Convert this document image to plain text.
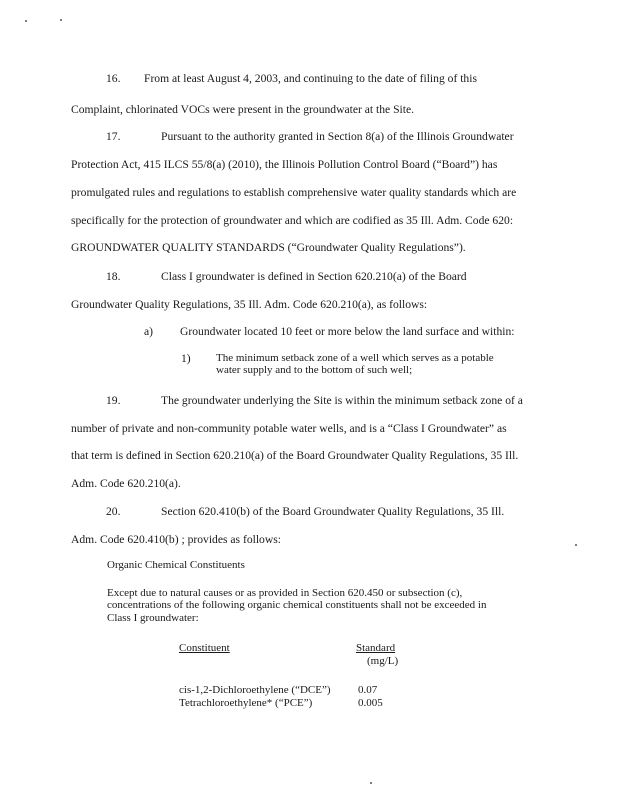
16. From at least August 4, 2003, and continuing to the date of filing of this
Complaint, chlorinated VOCs were present in the groundwater at the Site.
17.	Pursuant to the authority granted in Section 8(a) of the Illinois Groundwater
Protection Act, 415 ILCS 55/8(a) (2010), the Illinois Pollution Control Board (“Board”) has
promulgated rules and regulations to establish comprehensive water quality standards which are
specifically for the protection of groundwater and which are codified as 35 Ill. Adm. Code 620:
GROUNDWATER QUALITY STANDARDS (“Groundwater Quality Regulations”).
18.	Class I groundwater is defined in Section 620.210(a) of the Board
Groundwater Quality Regulations, 35 Ill. Adm. Code 620.210(a), as follows:
a) Groundwater located 10 feet or more below the land surface and within:
1) The minimum setback zone of a well which serves as a potable
water supply and to the bottom of such well;
19.	The groundwater underlying the Site is within the minimum setback zone of a
number of private and non-community potable water wells, and is a “Class I Groundwater” as
that term is defined in Section 620.210(a) of the Board Groundwater Quality Regulations, 35 Ill.
Adm. Code 620.210(a).
20.	Section 620.410(b) of the Board Groundwater Quality Regulations, 35 Ill.
Adm. Code 620.410(b) ; provides as follows:
Organic Chemical Constituents
Except due to natural causes or as provided in Section 620.450 or subsection (c),
concentrations of the following organic chemical constituents shall not be exceeded in
Class I groundwater:
Constituent	Standard
(mg/L)
cis-1,2-Dichloroethylene (“DCE”)	0.07
Tetrachloroethylene* (“PCE”)	0.005
